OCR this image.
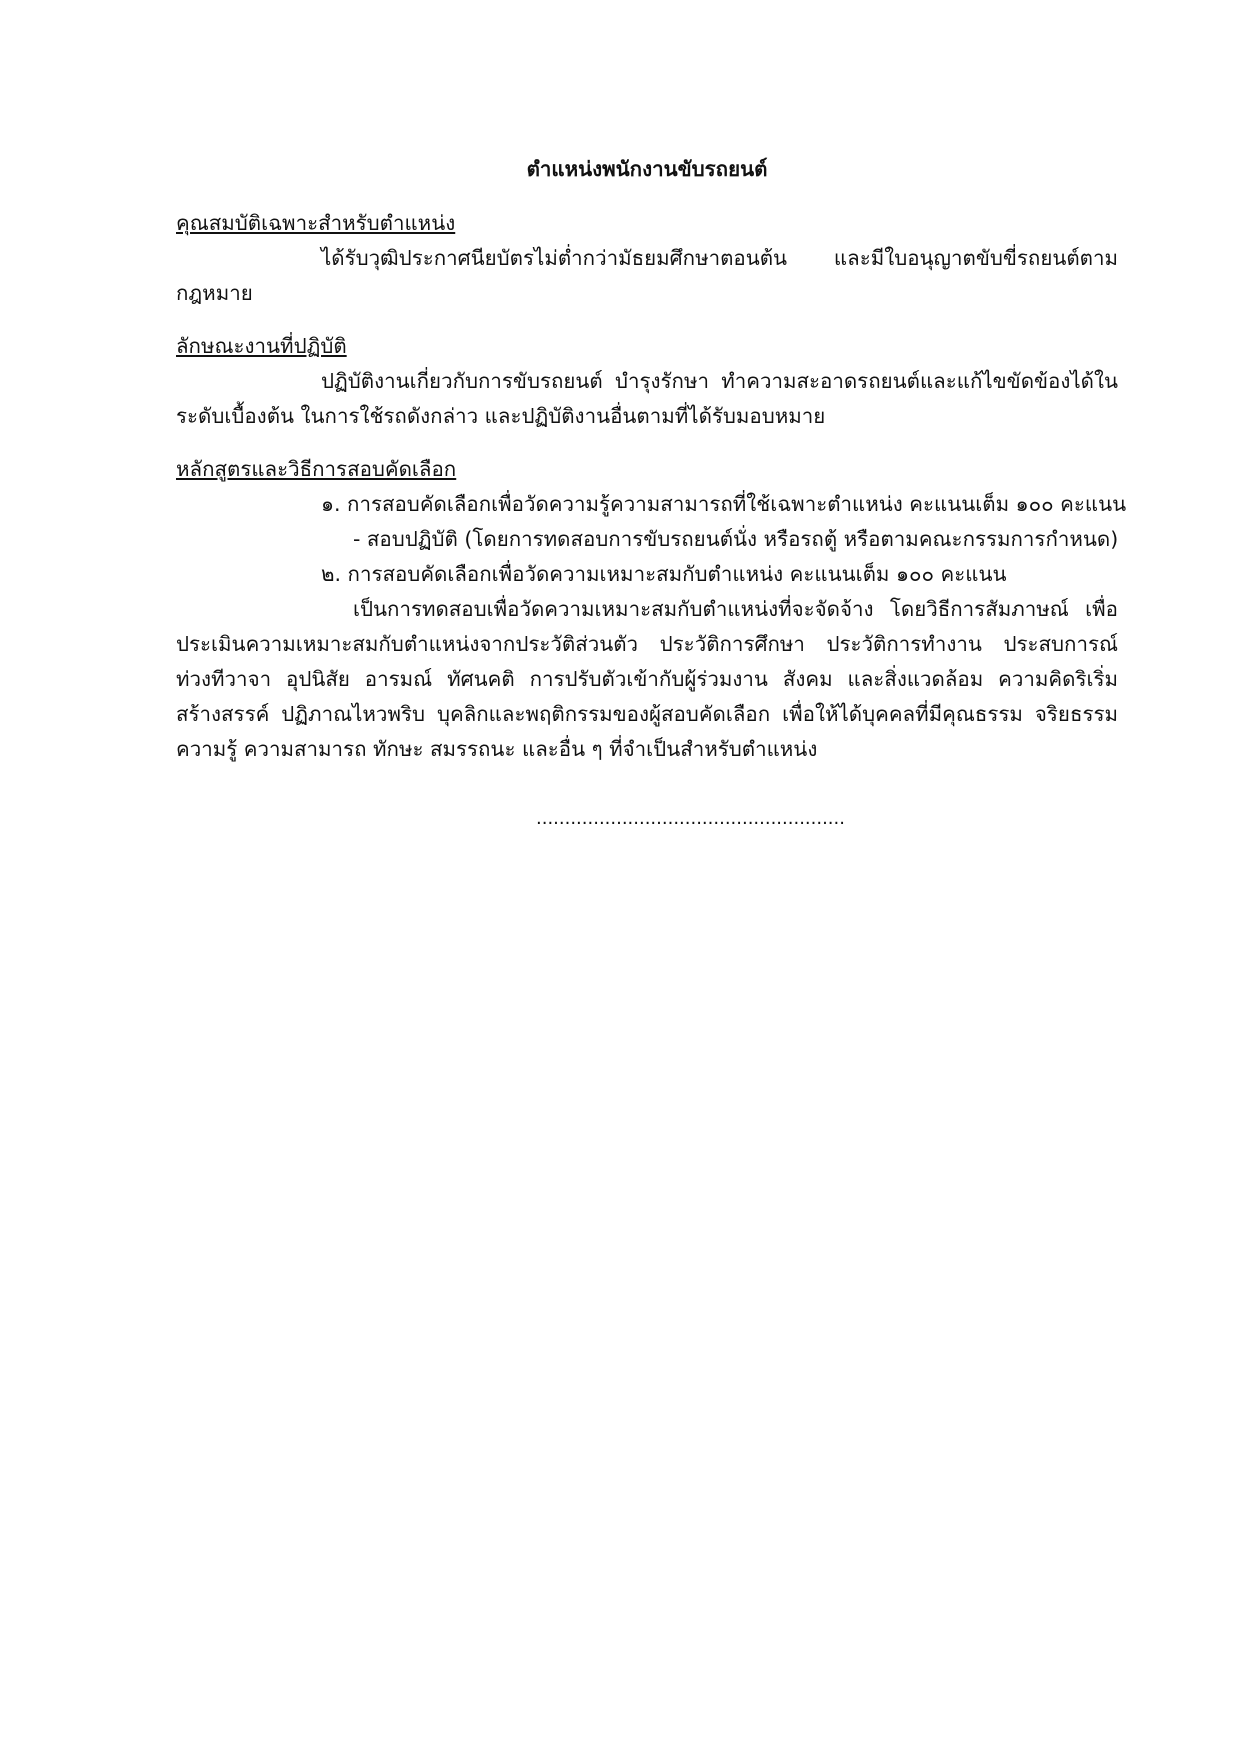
ตำแหน่งพนักงานขับรถยนต์
คุณสมบัติเฉพาะสำหรับตำแหน่ง

ได้รับวุฒิประกาศนียบัตรไม่ต่ำกว่ามัธยมศึกษาตอนต้น และมีใบอนุญาตขับขี่รถยนต์ตามกฎหมาย

ลักษณะงานที่ปฏิบัติ

ปฏิบัติงานเกี่ยวกับการขับรถยนต์ บำรุงรักษา ทำความสะอาดรถยนต์และแก้ไขขัดข้องได้ในระดับเบื้องต้น ในการใช้รถดังกล่าว และปฏิบัติงานอื่นตามที่ได้รับมอบหมาย

หลักสูตรและวิธีการสอบคัดเลือก

๑. การสอบคัดเลือกเพื่อวัดความรู้ความสามารถที่ใช้เฉพาะตำแหน่ง คะแนนเต็ม ๑๐๐ คะแนน

- สอบปฏิบัติ (โดยการทดสอบการขับรถยนต์นั่ง หรือรถตู้ หรือตามคณะกรรมการกำหนด)

๒. การสอบคัดเลือกเพื่อวัดความเหมาะสมกับตำแหน่ง คะแนนเต็ม ๑๐๐ คะแนน

เป็นการทดสอบเพื่อวัดความเหมาะสมกับตำแหน่งที่จะจัดจ้าง โดยวิธีการสัมภาษณ์ เพื่อประเมินความเหมาะสมกับตำแหน่งจากประวัติส่วนตัว ประวัติการศึกษา ประวัติการทำงาน ประสบการณ์ ท่วงทีวาจา อุปนิสัย อารมณ์ ทัศนคติ การปรับตัวเข้ากับผู้ร่วมงาน สังคม และสิ่งแวดล้อม ความคิดริเริ่ม สร้างสรรค์ ปฏิภาณไหวพริบ บุคลิกและพฤติกรรมของผู้สอบคัดเลือก เพื่อให้ได้บุคคลที่มีคุณธรรม จริยธรรม ความรู้ ความสามารถ ทักษะ สมรรถนะ และอื่น ๆ ที่จำเป็นสำหรับตำแหน่ง

......................................................
